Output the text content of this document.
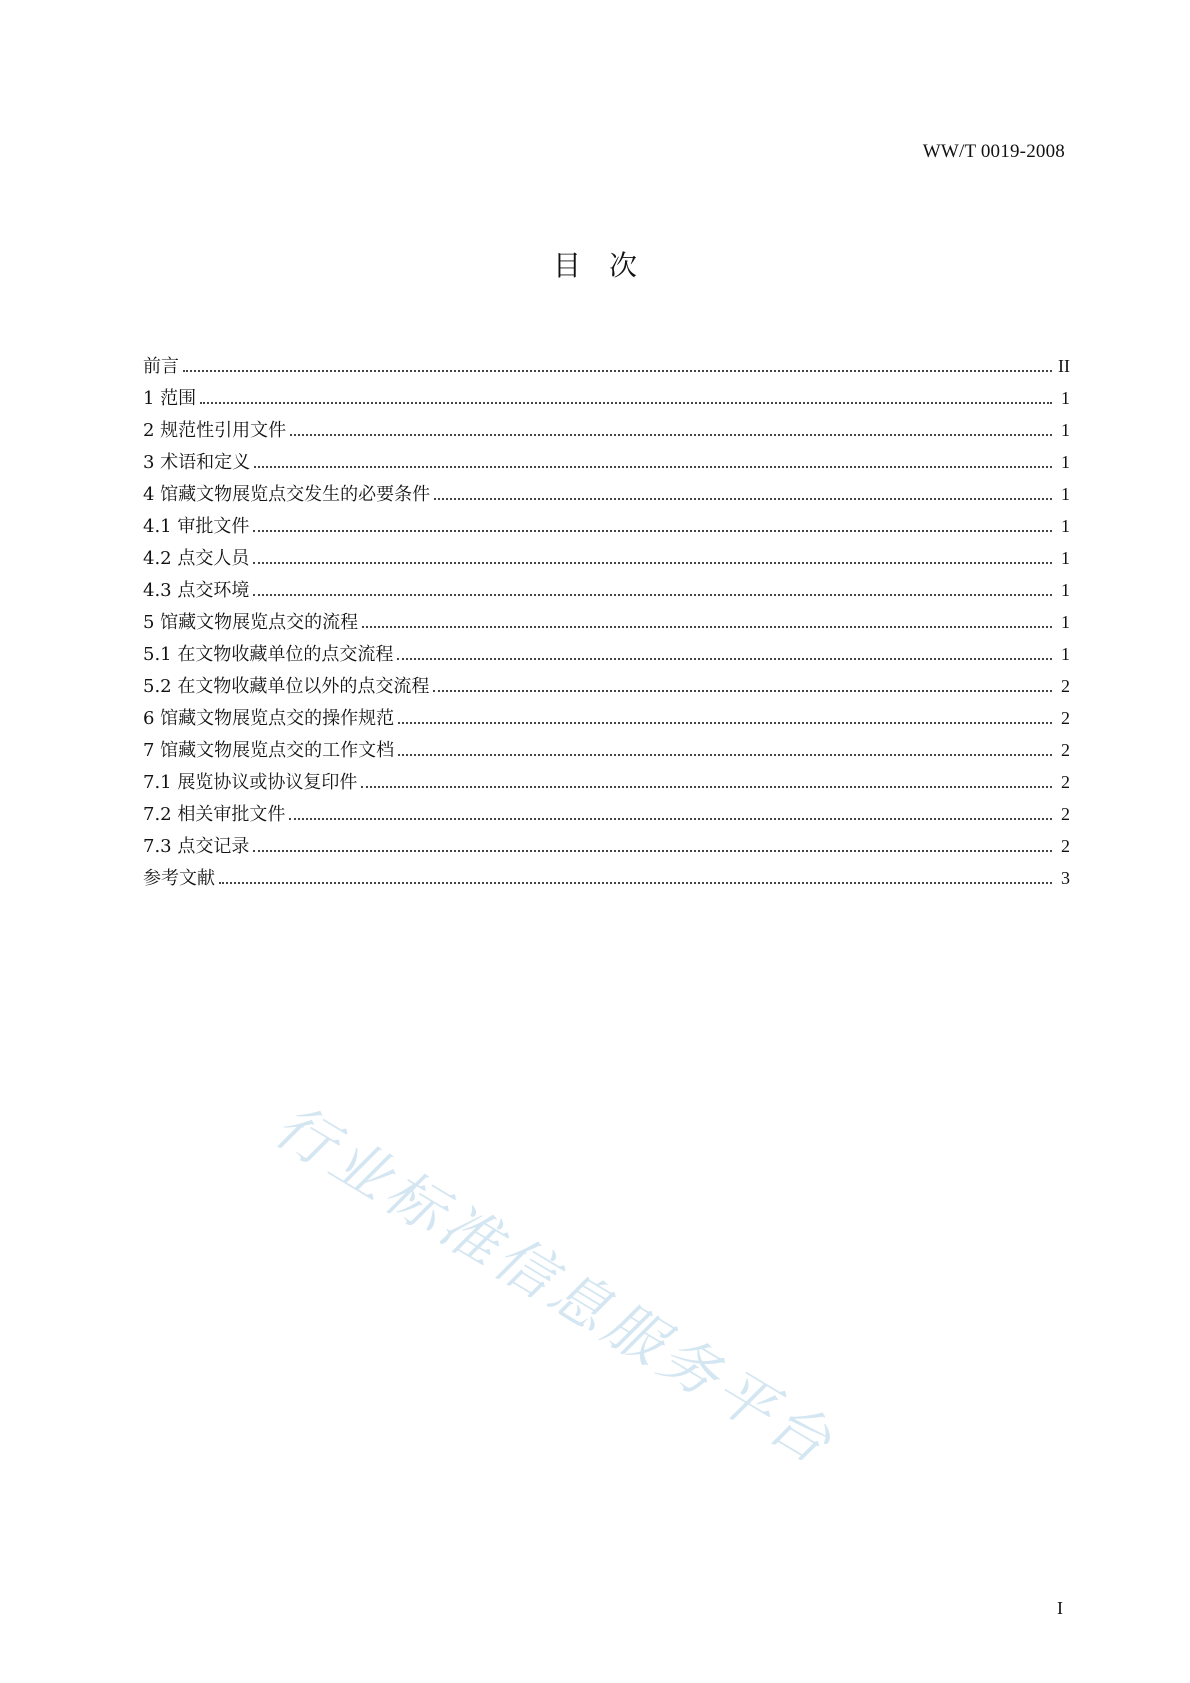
WW/T 0019-2008
目次
前言	II
1 范围	1
2 规范性引用文件	1
3 术语和定义	1
4 馆藏文物展览点交发生的必要条件	1
4.1 审批文件	1
4.2 点交人员	1
4.3 点交环境	1
5 馆藏文物展览点交的流程	1
5.1 在文物收藏单位的点交流程	1
5.2 在文物收藏单位以外的点交流程	2
6 馆藏文物展览点交的操作规范	2
7 馆藏文物展览点交的工作文档	2
7.1 展览协议或协议复印件	2
7.2 相关审批文件	2
7.3 点交记录	2
参考文献	3
行业标准信息服务平台
I
